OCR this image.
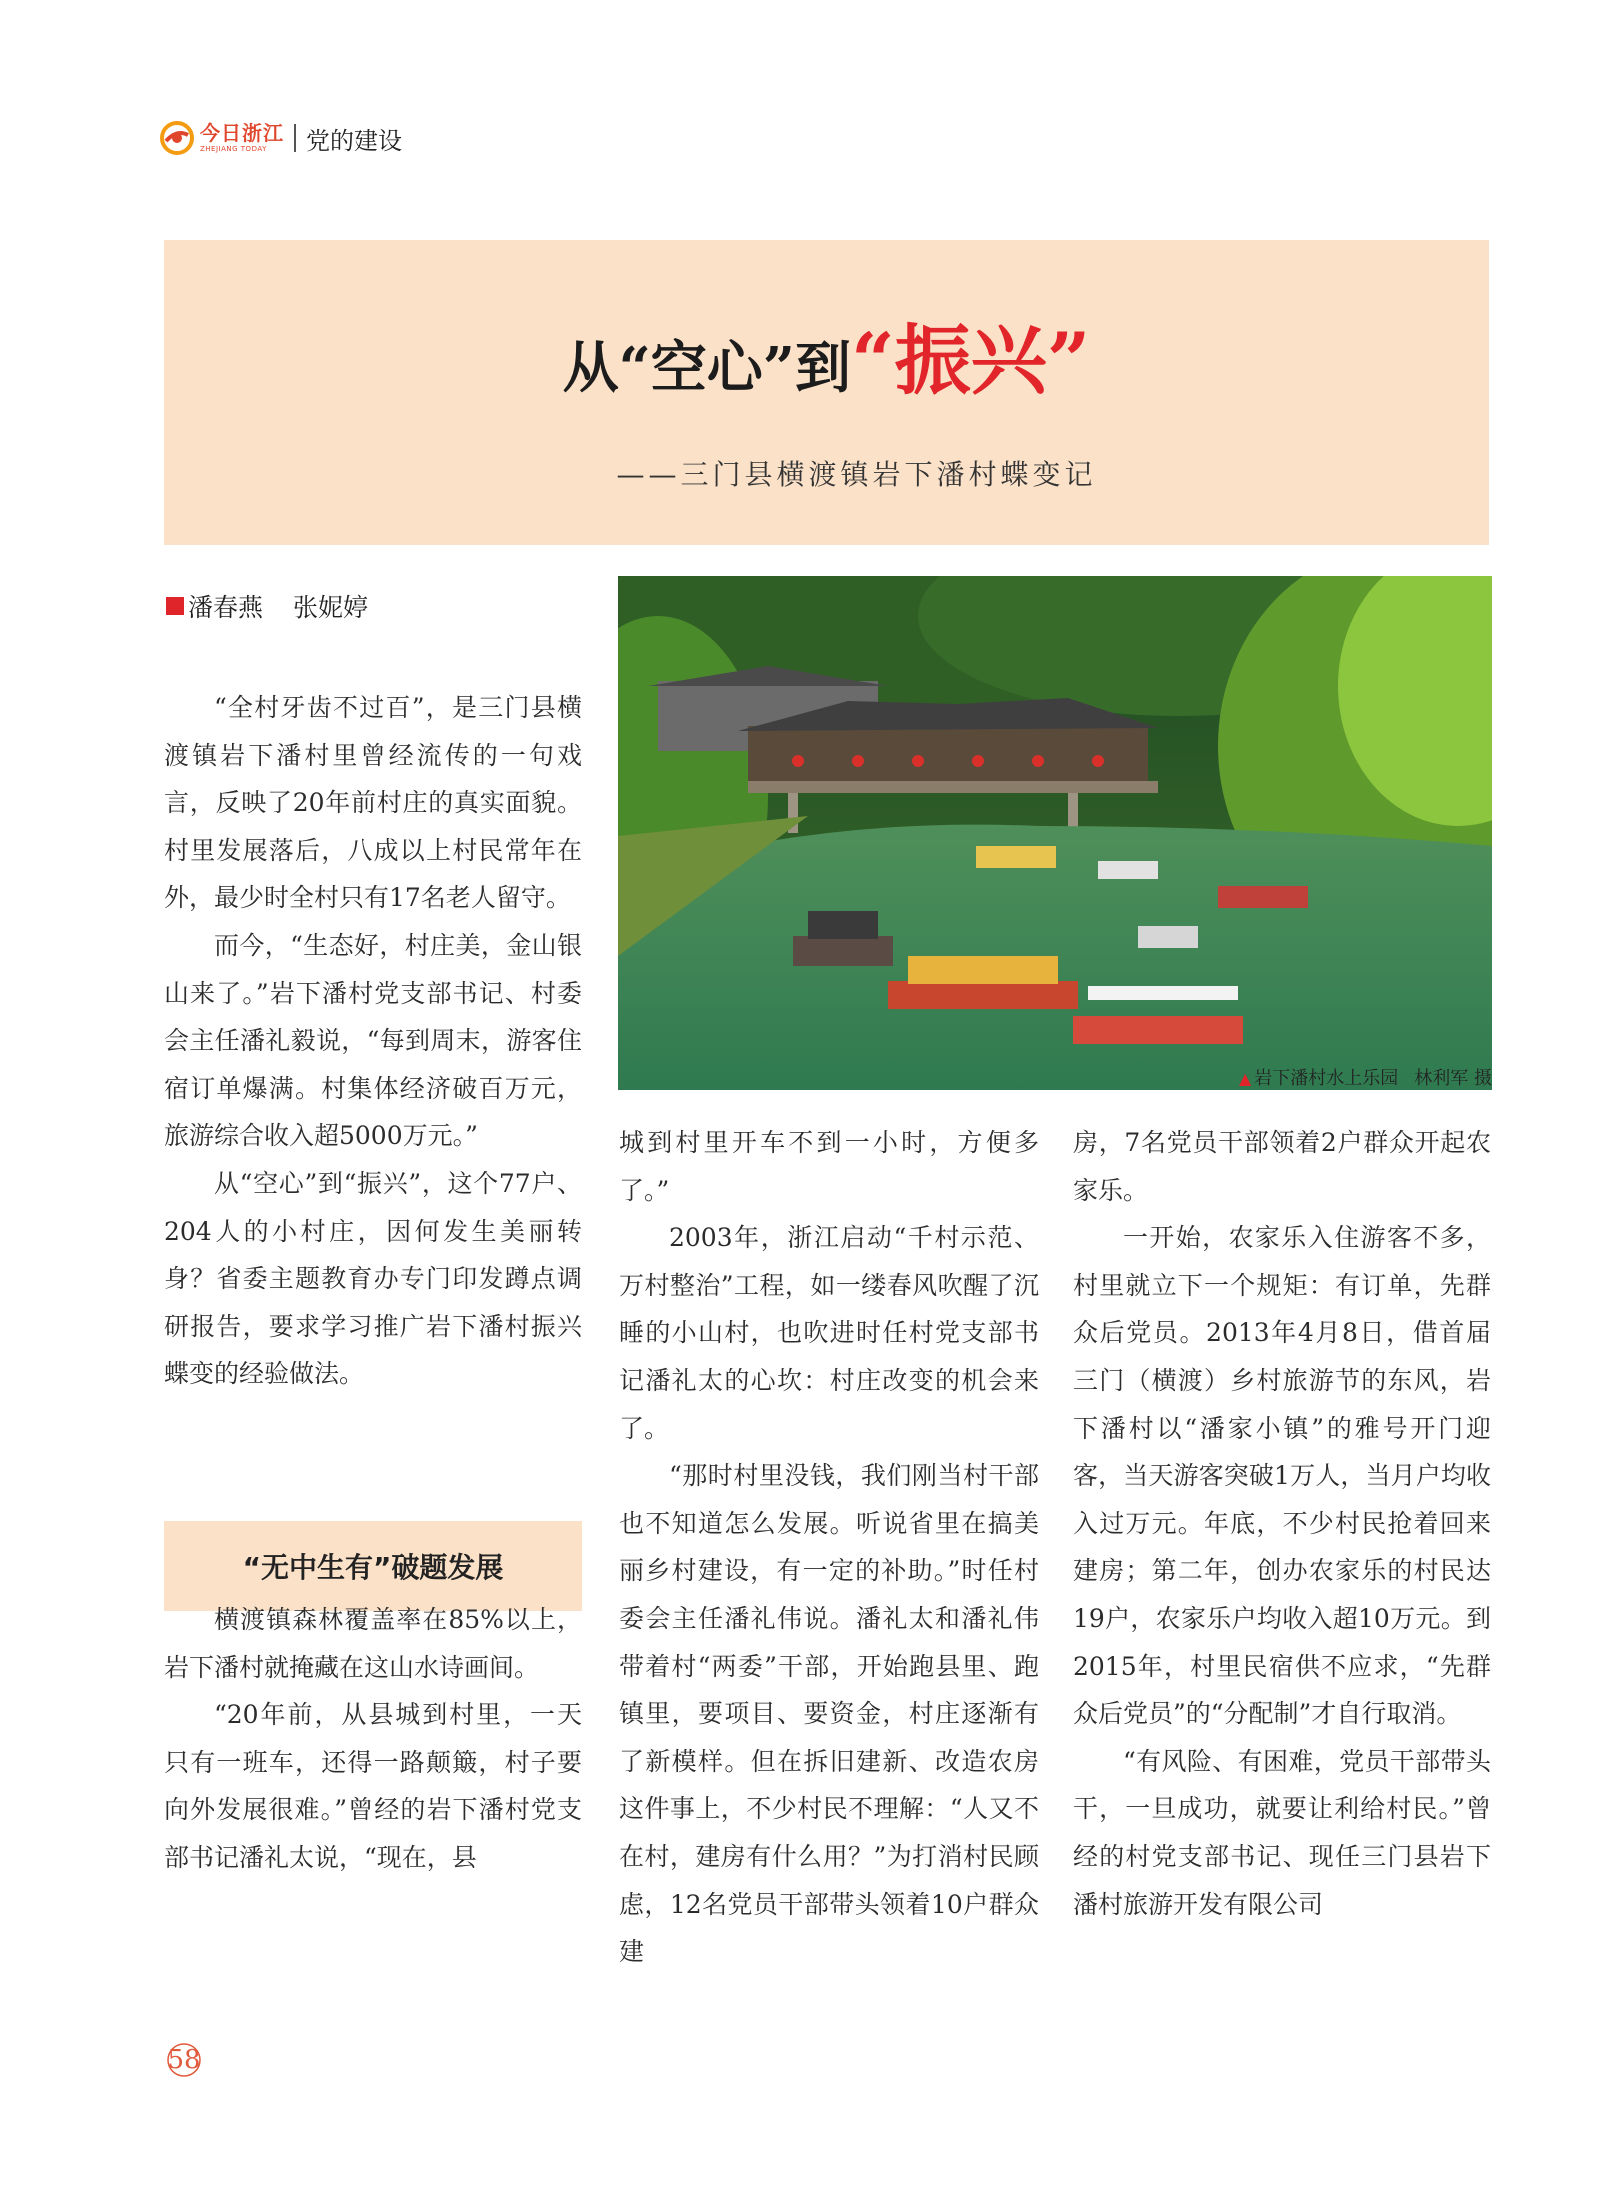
今日浙江
ZHEJIANG TODAY	党的建设
从“空心”到“振兴”
——三门县横渡镇岩下潘村蝶变记
潘春燕 张妮婷

“全村牙齿不过百”，是三门县横渡镇岩下潘村里曾经流传的一句戏言，反映了20年前村庄的真实面貌。村里发展落后，八成以上村民常年在外，最少时全村只有17名老人留守。

而今，“生态好，村庄美，金山银山来了。”岩下潘村党支部书记、村委会主任潘礼毅说，“每到周末，游客住宿订单爆满。村集体经济破百万元，旅游综合收入超5000万元。”

从“空心”到“振兴”，这个77户、204人的小村庄，因何发生美丽转身？省委主题教育办专门印发蹲点调研报告，要求学习推广岩下潘村振兴蝶变的经验做法。

“无中生有”破题发展

横渡镇森林覆盖率在85%以上，岩下潘村就掩藏在这山水诗画间。

“20年前，从县城到村里，一天只有一班车，还得一路颠簸，村子要向外发展很难。”曾经的岩下潘村党支部书记潘礼太说，“现在，县

▲ 岩下潘村水上乐园 林利军 摄

城到村里开车不到一小时，方便多了。”

2003年，浙江启动“千村示范、万村整治”工程，如一缕春风吹醒了沉睡的小山村，也吹进时任村党支部书记潘礼太的心坎：村庄改变的机会来了。

“那时村里没钱，我们刚当村干部也不知道怎么发展。听说省里在搞美丽乡村建设，有一定的补助。”时任村委会主任潘礼伟说。潘礼太和潘礼伟带着村“两委”干部，开始跑县里、跑镇里，要项目、要资金，村庄逐渐有了新模样。但在拆旧建新、改造农房这件事上，不少村民不理解：“人又不在村，建房有什么用？”为打消村民顾虑，12名党员干部带头领着10户群众建

房，7名党员干部领着2户群众开起农家乐。

一开始，农家乐入住游客不多，村里就立下一个规矩：有订单，先群众后党员。2013年4月8日，借首届三门（横渡）乡村旅游节的东风，岩下潘村以“潘家小镇”的雅号开门迎客，当天游客突破1万人，当月户均收入过万元。年底，不少村民抢着回来建房；第二年，创办农家乐的村民达19户，农家乐户均收入超10万元。到2015年，村里民宿供不应求，“先群众后党员”的“分配制”才自行取消。

“有风险、有困难，党员干部带头干，一旦成功，就要让利给村民。”曾经的村党支部书记、现任三门县岩下潘村旅游开发有限公司

58
